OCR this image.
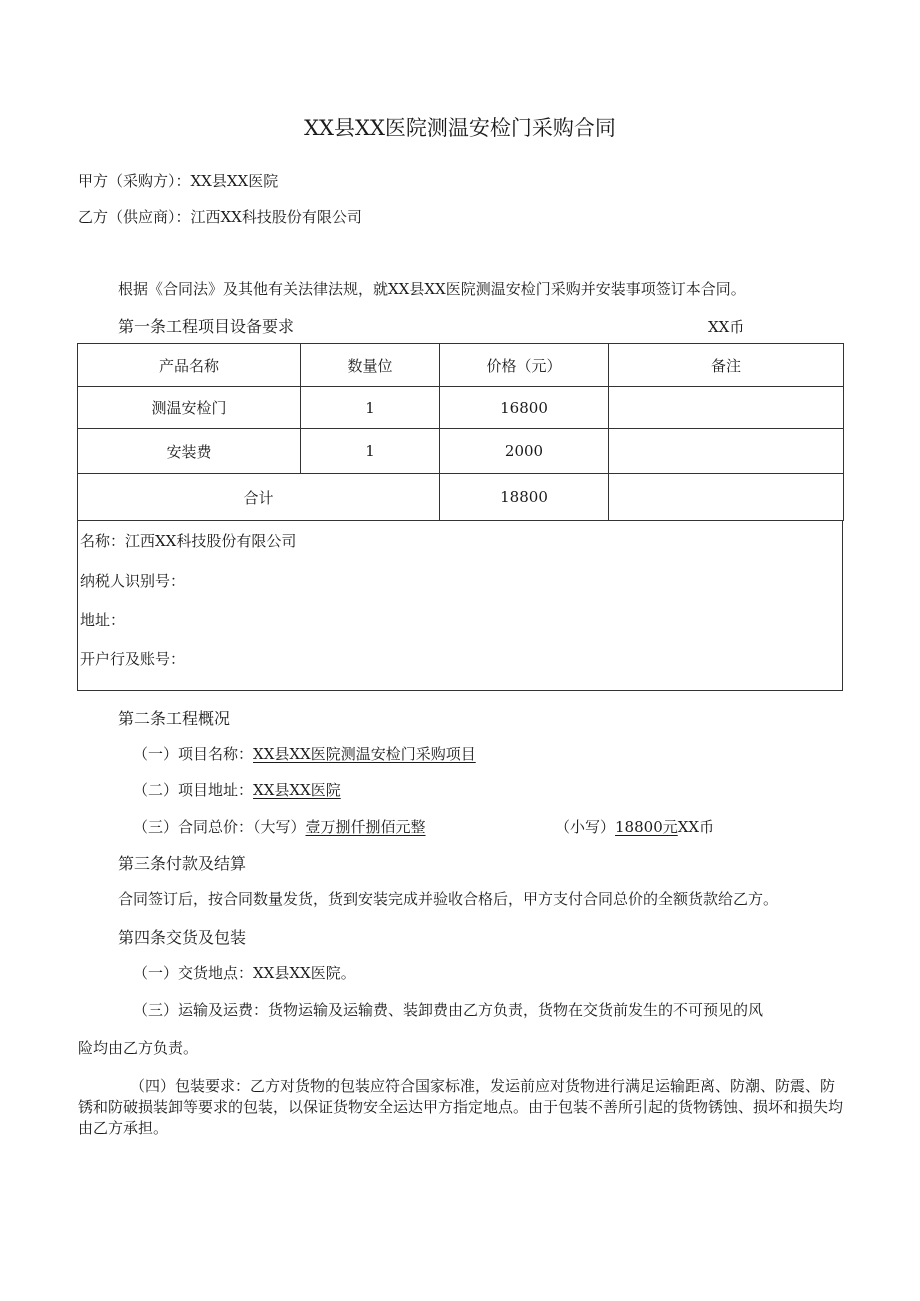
XX县XX医院测温安检门采购合同
甲方（采购方）：XX县XX医院
乙方（供应商）：江西XX科技股份有限公司
根据《合同法》及其他有关法律法规，就XX县XX医院测温安检门采购并安装事项签订本合同。
第一条工程项目设备要求	XX币
产品名称	数量位	价格（元）	备注
测温安检门	1	16800	
安装费	1	2000	
合计		18800	
名称：江西XX科技股份有限公司
纳税人识别号：
地址：
开户行及账号：
第二条工程概况
（一）项目名称：XX县XX医院测温安检门采购项目
（二）项目地址：XX县XX医院
（三）合同总价：（大写）壹万捌仟捌佰元整	（小写）18800元XX币
第三条付款及结算
合同签订后，按合同数量发货，货到安装完成并验收合格后，甲方支付合同总价的全额货款给乙方。
第四条交货及包装
（一）交货地点：XX县XX医院。
（三）运输及运费：货物运输及运输费、装卸费由乙方负责，货物在交货前发生的不可预见的风
险均由乙方负责。
（四）包装要求：乙方对货物的包装应符合国家标准，发运前应对货物进行满足运输距离、防潮、防震、防锈和防破损装卸等要求的包装，以保证货物安全运达甲方指定地点。由于包装不善所引起的货物锈蚀、损坏和损失均由乙方承担。
